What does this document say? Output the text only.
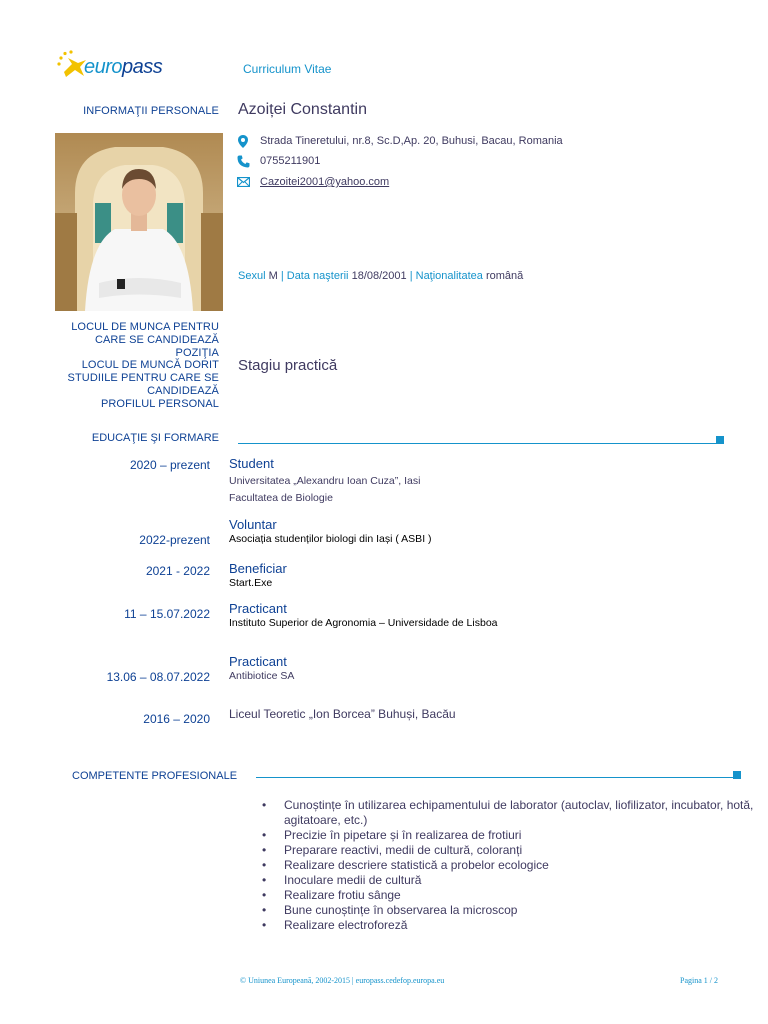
europass	Curriculum Vitae
INFORMAŢII PERSONALE Azoiței Constantin
Strada Tineretului, nr.8, Sc.D,Ap. 20, Buhusi, Bacau, Romania
0755211901
Cazoitei2001@yahoo.com
Sexul M | Data naşterii 18/08/2001 | Naţionalitatea română
LOCUL DE MUNCA PENTRU
CARE SE CANDIDEAZĂ
POZIŢIA
LOCUL DE MUNCĂ DORIT
STUDIILE PENTRU CARE SE
CANDIDEAZĂ
PROFILUL PERSONAL
Stagiu practică
EDUCAŢIE ŞI FORMARE
2020 – prezent Student
Universitatea „Alexandru Ioan Cuza”, Iasi
Facultatea de Biologie
Voluntar
2022-prezent Asociația studenților biologi din Iași ( ASBI )
2021 - 2022 Beneficiar
Start.Exe
Practicant
11 – 15.07.2022
Instituto Superior de Agronomia – Universidade de Lisboa
Practicant
13.06 – 08.07.2022 Antibiotice SA
Liceul Teoretic „Ion Borcea” Buhuși, Bacău
2016 – 2020
COMPETENTE PROFESIONALE
• Cunoștințe în utilizarea echipamentului de laborator (autoclav, liofilizator, incubator, hotă, agitatoare, etc.)
• Precizie în pipetare și în realizarea de frotiuri
• Preparare reactivi, medii de cultură, coloranți
• Realizare descriere statistică a probelor ecologice
• Inoculare medii de cultură
• Realizare frotiu sânge
• Bune cunoștințe în observarea la microscop
• Realizare electroforeză
© Uniunea Europeană, 2002-2015 | europass.cedefop.europa.eu	Pagina 1 / 2
